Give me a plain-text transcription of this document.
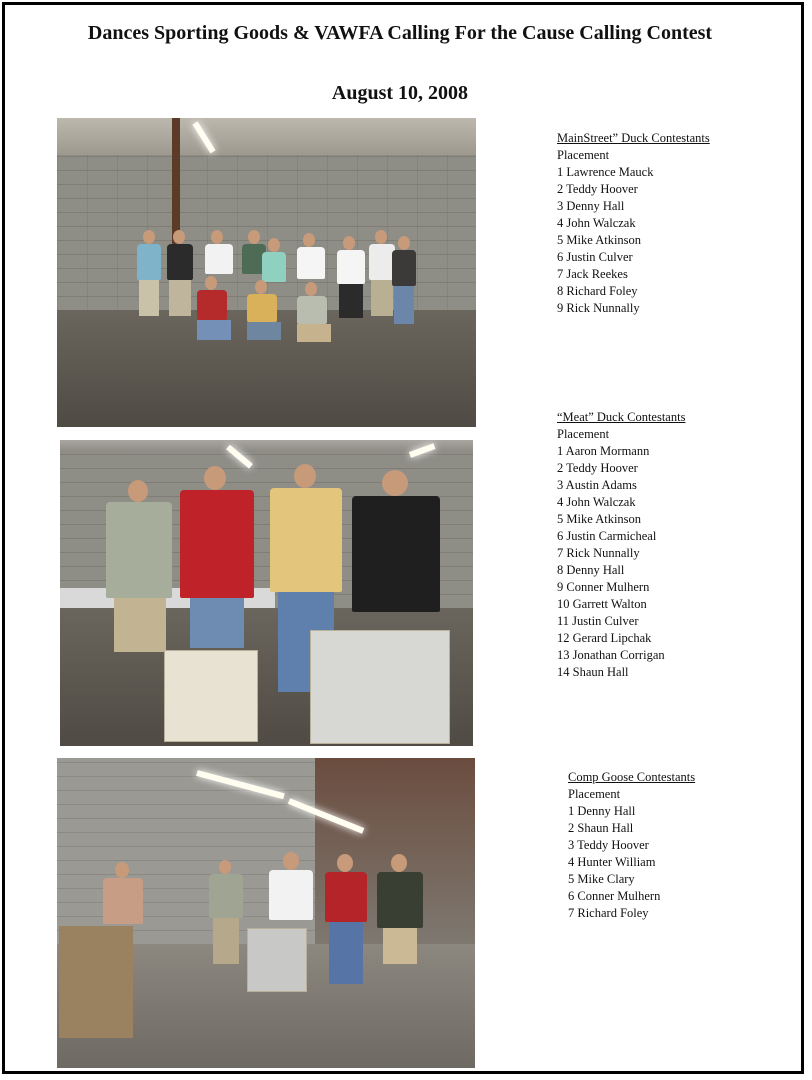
Dances Sporting Goods & VAWFA Calling For the Cause Calling Contest
August 10, 2008
MainStreet” Duck Contestants
Placement
1 Lawrence Mauck
2 Teddy Hoover
3 Denny Hall
4 John Walczak
5 Mike Atkinson
6 Justin Culver
7 Jack Reekes
8 Richard Foley
9 Rick Nunnally
“Meat” Duck Contestants
Placement
1 Aaron Mormann
2 Teddy Hoover
3 Austin Adams
4 John Walczak
5 Mike Atkinson
6 Justin Carmicheal
7 Rick Nunnally
8 Denny Hall
9 Conner Mulhern
10 Garrett Walton
11 Justin Culver
12 Gerard Lipchak
13 Jonathan Corrigan
14 Shaun Hall
Comp Goose Contestants
Placement
1 Denny Hall
2 Shaun Hall
3 Teddy Hoover
4 Hunter William
5 Mike Clary
6 Conner Mulhern
7 Richard Foley
